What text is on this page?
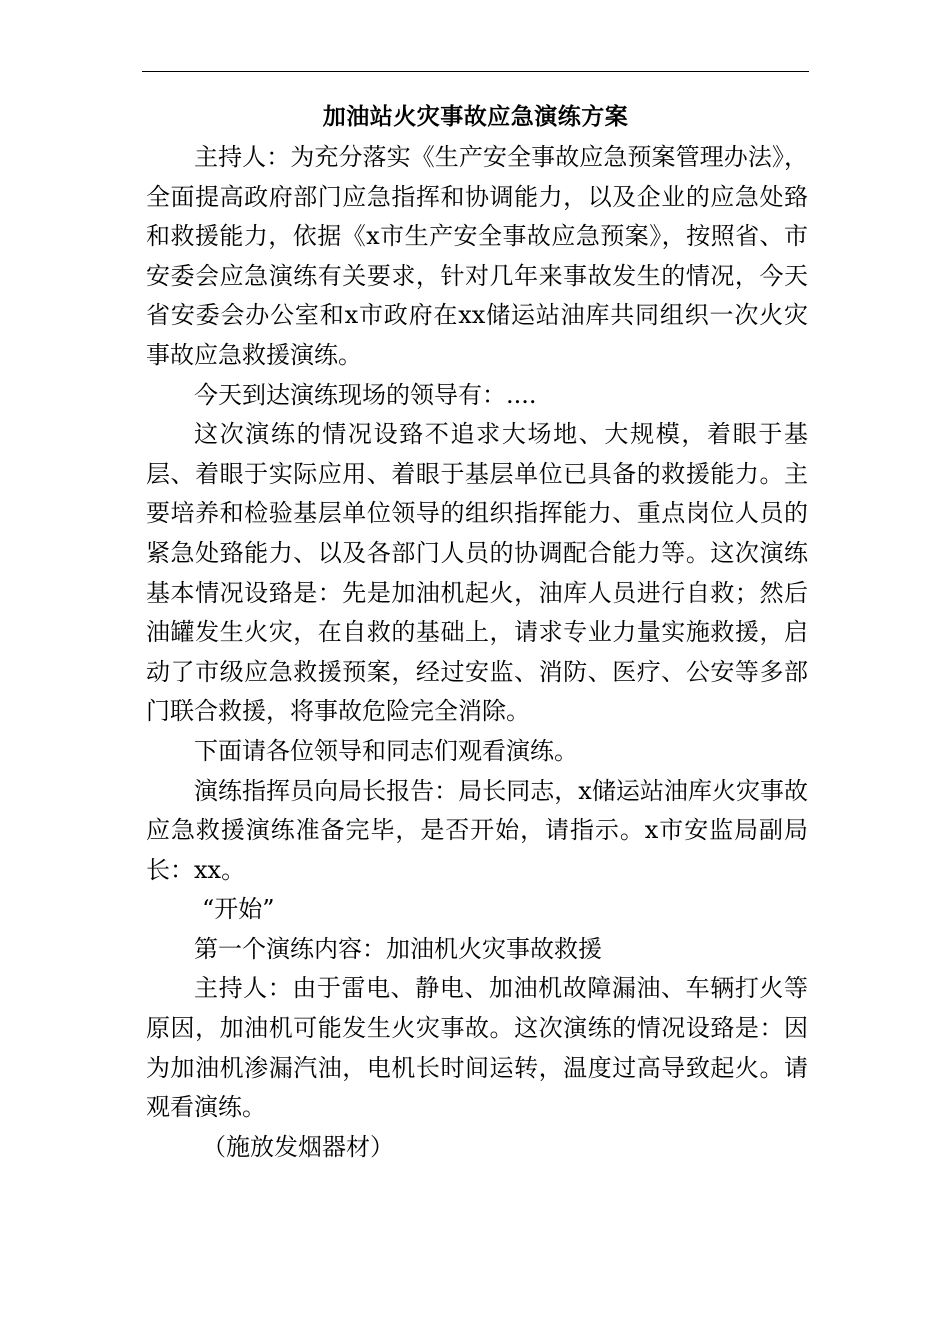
加油站火灾事故应急演练方案

主持人：为充分落实《生产安全事故应急预案管理办法》，全面提高政府部门应急指挥和协调能力，以及企业的应急处臵和救援能力，依据《x市生产安全事故应急预案》，按照省、市安委会应急演练有关要求，针对几年来事故发生的情况，今天省安委会办公室和x市政府在xx储运站油库共同组织一次火灾事故应急救援演练。

今天到达演练现场的领导有：....

这次演练的情况设臵不追求大场地、大规模，着眼于基层、着眼于实际应用、着眼于基层单位已具备的救援能力。主要培养和检验基层单位领导的组织指挥能力、重点岗位人员的紧急处臵能力、以及各部门人员的协调配合能力等。这次演练基本情况设臵是：先是加油机起火，油库人员进行自救；然后油罐发生火灾，在自救的基础上，请求专业力量实施救援，启动了市级应急救援预案，经过安监、消防、医疗、公安等多部门联合救援，将事故危险完全消除。

下面请各位领导和同志们观看演练。

演练指挥员向局长报告：局长同志，x储运站油库火灾事故应急救援演练准备完毕，是否开始，请指示。x市安监局副局长：xx。

“开始”

第一个演练内容：加油机火灾事故救援

主持人：由于雷电、静电、加油机故障漏油、车辆打火等原因，加油机可能发生火灾事故。这次演练的情况设臵是：因为加油机渗漏汽油，电机长时间运转，温度过高导致起火。请观看演练。

（施放发烟器材）
